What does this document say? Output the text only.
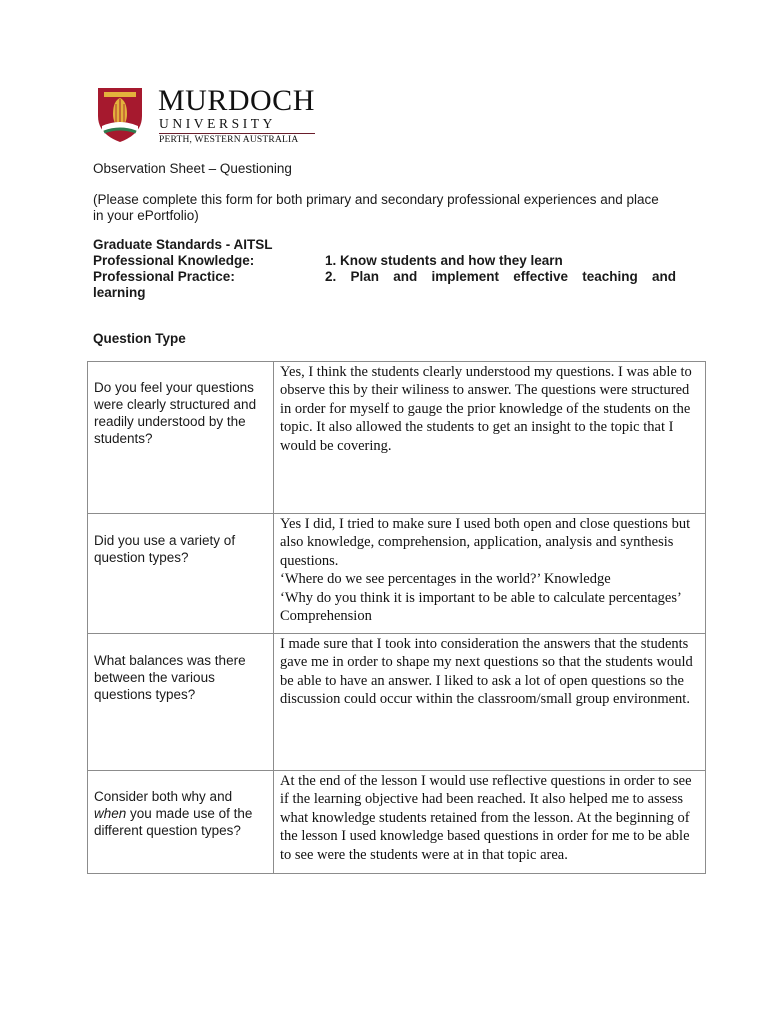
MURDOCH
UNIVERSITY
PERTH, WESTERN AUSTRALIA
Observation Sheet – Questioning
(Please complete this form for both primary and secondary professional experiences and place in your ePortfolio)
Graduate Standards - AITSL
Professional Knowledge:	1. Know students and how they learn
Professional Practice:	2. Plan and implement effective teaching and
learning
Question Type
Do you feel your questions were clearly structured and readily understood by the students?	Yes, I think the students clearly understood my questions. I was able to observe this by their wiliness to answer. The questions were structured in order for myself to gauge the prior knowledge of the students on the topic. It also allowed the students to get an insight to the topic that I would be covering.

Did you use a variety of question types?	Yes I did, I tried to make sure I used both open and close questions but also knowledge, comprehension, application, analysis and synthesis questions.
‘Where do we see percentages in the world?’ Knowledge
‘Why do you think it is important to be able to calculate percentages’ Comprehension

What balances was there between the various questions types?	I made sure that I took into consideration the answers that the students gave me in order to shape my next questions so that the students would be able to have an answer. I liked to ask a lot of open questions so the discussion could occur within the classroom/small group environment.

Consider both why and when you made use of the different question types?	At the end of the lesson I would use reflective questions in order to see if the learning objective had been reached. It also helped me to assess what knowledge students retained from the lesson. At the beginning of the lesson I used knowledge based questions in order for me to be able to see were the students were at in that topic area.
